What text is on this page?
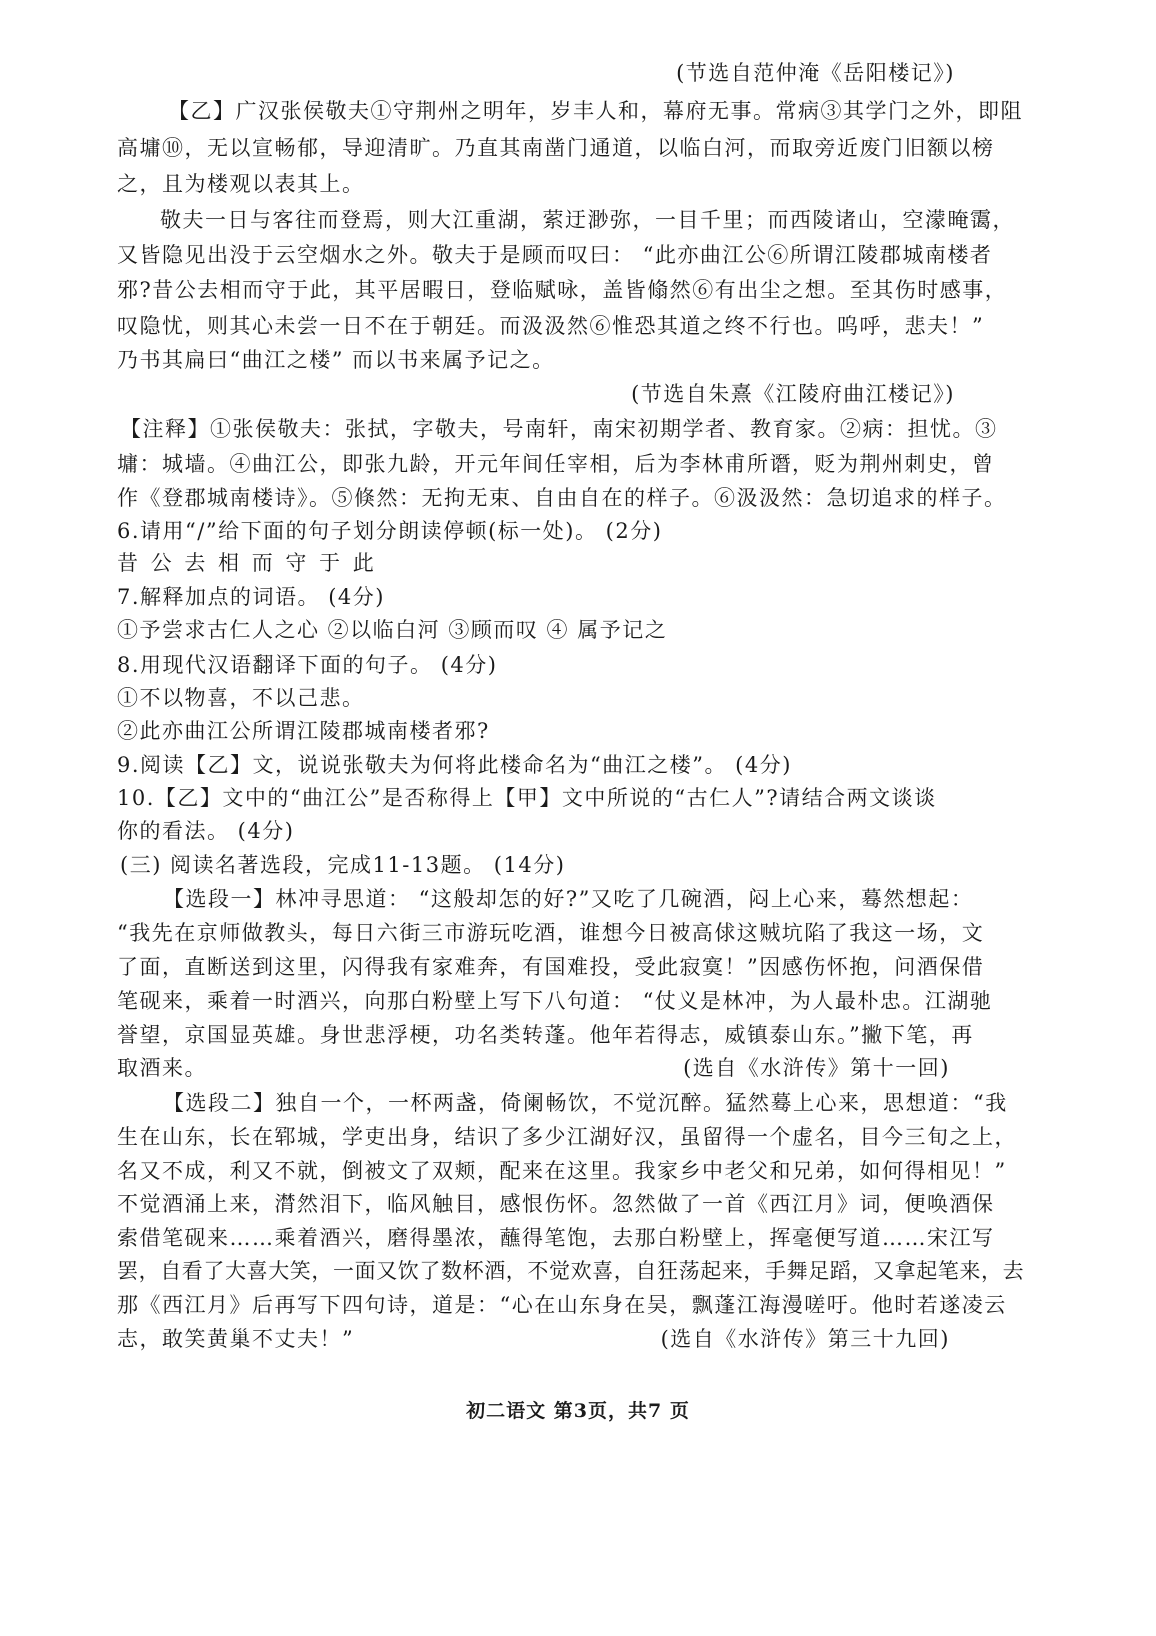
(节选自范仲淹《岳阳楼记》)
【乙】广汉张侯敬夫①守荆州之明年，岁丰人和，幕府无事。常病③其学门之外，即阻
高墉⑩，无以宣畅郁，导迎清旷。乃直其南凿门通道，以临白河，而取旁近废门旧额以榜
之，且为楼观以表其上。
敬夫一日与客往而登焉，则大江重湖，萦迂渺弥，一目千里；而西陵诸山，空濛晻霭，
又皆隐见出没于云空烟水之外。敬夫于是顾而叹曰： “此亦曲江公⑥所谓江陵郡城南楼者
邪?昔公去相而守于此，其平居暇日，登临赋咏，盖皆翛然⑥有出尘之想。至其伤时感事，
叹隐忧，则其心未尝一日不在于朝廷。而汲汲然⑥惟恐其道之终不行也。呜呼，悲夫！”
乃书其扁曰“曲江之楼” 而以书来属予记之。
(节选自朱熹《江陵府曲江楼记》)
【注释】①张侯敬夫：张拭，字敬夫，号南轩，南宋初期学者、教育家。②病：担忧。③
墉：城墙。④曲江公，即张九龄，开元年间任宰相，后为李林甫所谮，贬为荆州刺史，曾
作《登郡城南楼诗》。⑤倏然：无拘无束、自由自在的样子。⑥汲汲然：急切追求的样子。
6.请用“/”给下面的句子划分朗读停顿(标一处)。 (2分)
昔 公 去 相 而 守 于 此
7.解释加点的词语。 (4分)
①予尝求古仁人之心 ②以临白河 ③顾而叹 ④ 属予记之
8.用现代汉语翻译下面的句子。 (4分)
①不以物喜，不以己悲。
②此亦曲江公所谓江陵郡城南楼者邪?
9.阅读【乙】文，说说张敬夫为何将此楼命名为“曲江之楼”。 (4分)
10.【乙】文中的“曲江公”是否称得上【甲】文中所说的“古仁人”?请结合两文谈谈
你的看法。 (4分)
(三) 阅读名著选段，完成11-13题。 (14分)
【选段一】林冲寻思道： “这般却怎的好?”又吃了几碗酒，闷上心来，蓦然想起：
“我先在京师做教头，每日六街三市游玩吃酒，谁想今日被高俅这贼坑陷了我这一场，文
了面，直断送到这里，闪得我有家难奔，有国难投，受此寂寞！”因感伤怀抱，问酒保借
笔砚来，乘着一时酒兴，向那白粉壁上写下八句道： “仗义是林冲，为人最朴忠。江湖驰
誉望，京国显英雄。身世悲浮梗，功名类转蓬。他年若得志，威镇泰山东。”撇下笔，再
取酒来。	(选自《水浒传》第十一回)
【选段二】独自一个，一杯两盏，倚阑畅饮，不觉沉醉。猛然蓦上心来，思想道：“我
生在山东，长在郓城，学吏出身，结识了多少江湖好汉，虽留得一个虚名，目今三旬之上，
名又不成，利又不就，倒被文了双颊，配来在这里。我家乡中老父和兄弟，如何得相见！”
不觉酒涌上来，潸然泪下，临风触目，感恨伤怀。忽然做了一首《西江月》词，便唤酒保
索借笔砚来……乘着酒兴，磨得墨浓，蘸得笔饱，去那白粉壁上，挥毫便写道……宋江写
罢，自看了大喜大笑，一面又饮了数杯酒，不觉欢喜，自狂荡起来，手舞足蹈，又拿起笔来，去
那《西江月》后再写下四句诗，道是：“心在山东身在吴，飘蓬江海漫嗟吁。他时若遂凌云
志，敢笑黄巢不丈夫！”	(选自《水浒传》第三十九回)
初二语文 第3页，共7 页
